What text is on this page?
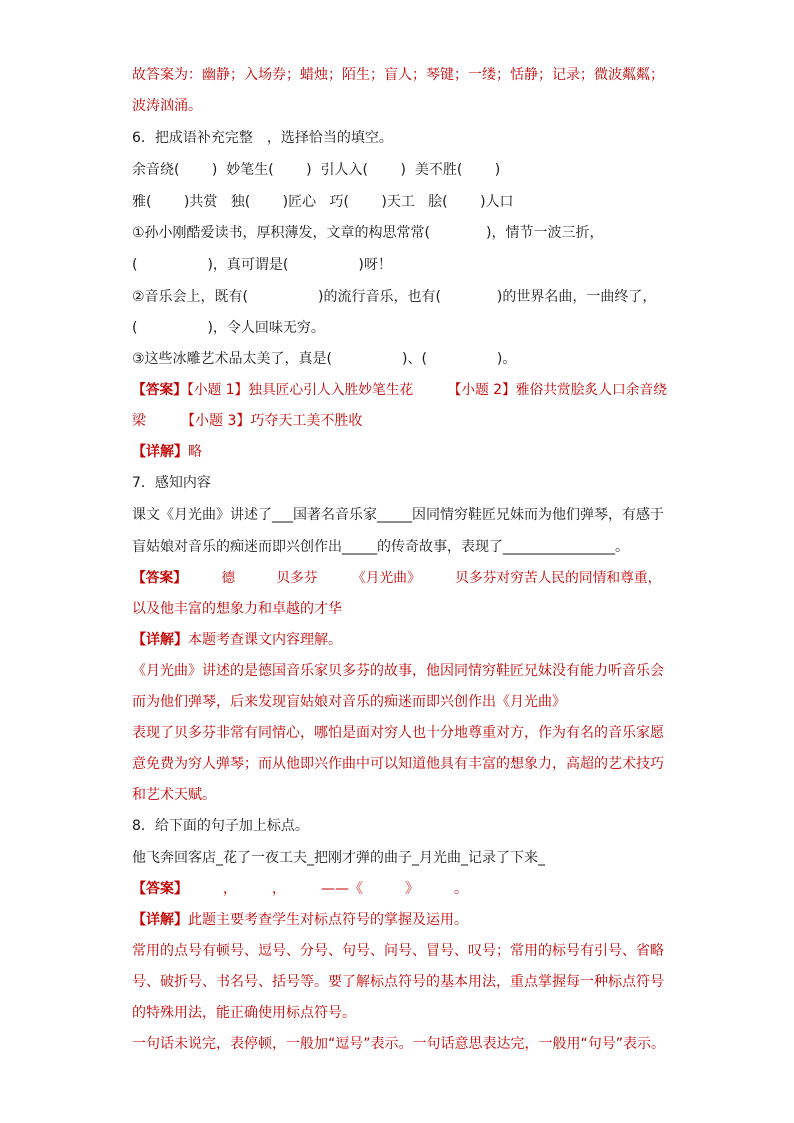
故答案为：幽静；入场券；蜡烛；陌生；盲人；琴键；一缕；恬静；记录；微波粼粼；
波涛汹涌。
6．把成语补充完整　，选择恰当的填空。
余音绕(　　 )  妙笔生(　　 )  引人入(　　 )  美不胜(　　 )
雅(　　 )共赏   独(　　 )匠心   巧(　　 )天工   脍(　　 )人口
①孙小刚酷爱读书，厚积薄发，文章的构思常常(　　　　)，情节一波三折，
(　　　　　)，真可谓是(　　　　　)呀！
②音乐会上，既有(　　　　　)的流行音乐，也有(　　　　)的世界名曲，一曲终了，
(　　　　　)，令人回味无穷。
③这些冰雕艺术品太美了，真是(　　　　　)、(　　　　　)。
【答案】【小题 1】独具匠心引人入胜妙笔生花　　　【小题 2】雅俗共赏脍炙人口余音绕
梁　　　【小题 3】巧夺天工美不胜收
【详解】略
7．感知内容
课文《月光曲》讲述了___国著名音乐家_____因同情穷鞋匠兄妹而为他们弹琴，有感于
盲姑娘对音乐的痴迷而即兴创作出_____的传奇故事，表现了________________。
【答案】　　　德　　　贝多芬　　　《月光曲》　　　贝多芬对穷苦人民的同情和尊重，
以及他丰富的想象力和卓越的才华
【详解】本题考查课文内容理解。
《月光曲》讲述的是德国音乐家贝多芬的故事，他因同情穷鞋匠兄妹没有能力听音乐会
而为他们弹琴，后来发现盲姑娘对音乐的痴迷而即兴创作出《月光曲》
表现了贝多芬非常有同情心，哪怕是面对穷人也十分地尊重对方，作为有名的音乐家愿
意免费为穷人弹琴；而从他即兴作曲中可以知道他具有丰富的想象力，高超的艺术技巧
和艺术天赋。
8．给下面的句子加上标点。
他飞奔回客店_花了一夜工夫_把刚才弹的曲子_月光曲_记录了下来_
【答案】　　　，　　　，　　　——《　　　》　　　。
【详解】此题主要考查学生对标点符号的掌握及运用。
常用的点号有顿号、逗号、分号、句号、问号、冒号、叹号；常用的标号有引号、省略
号、破折号、书名号、括号等。要了解标点符号的基本用法，重点掌握每一种标点符号
的特殊用法，能正确使用标点符号。
一句话未说完，表停顿，一般加“逗号”表示。一句话意思表达完，一般用“句号”表示。
